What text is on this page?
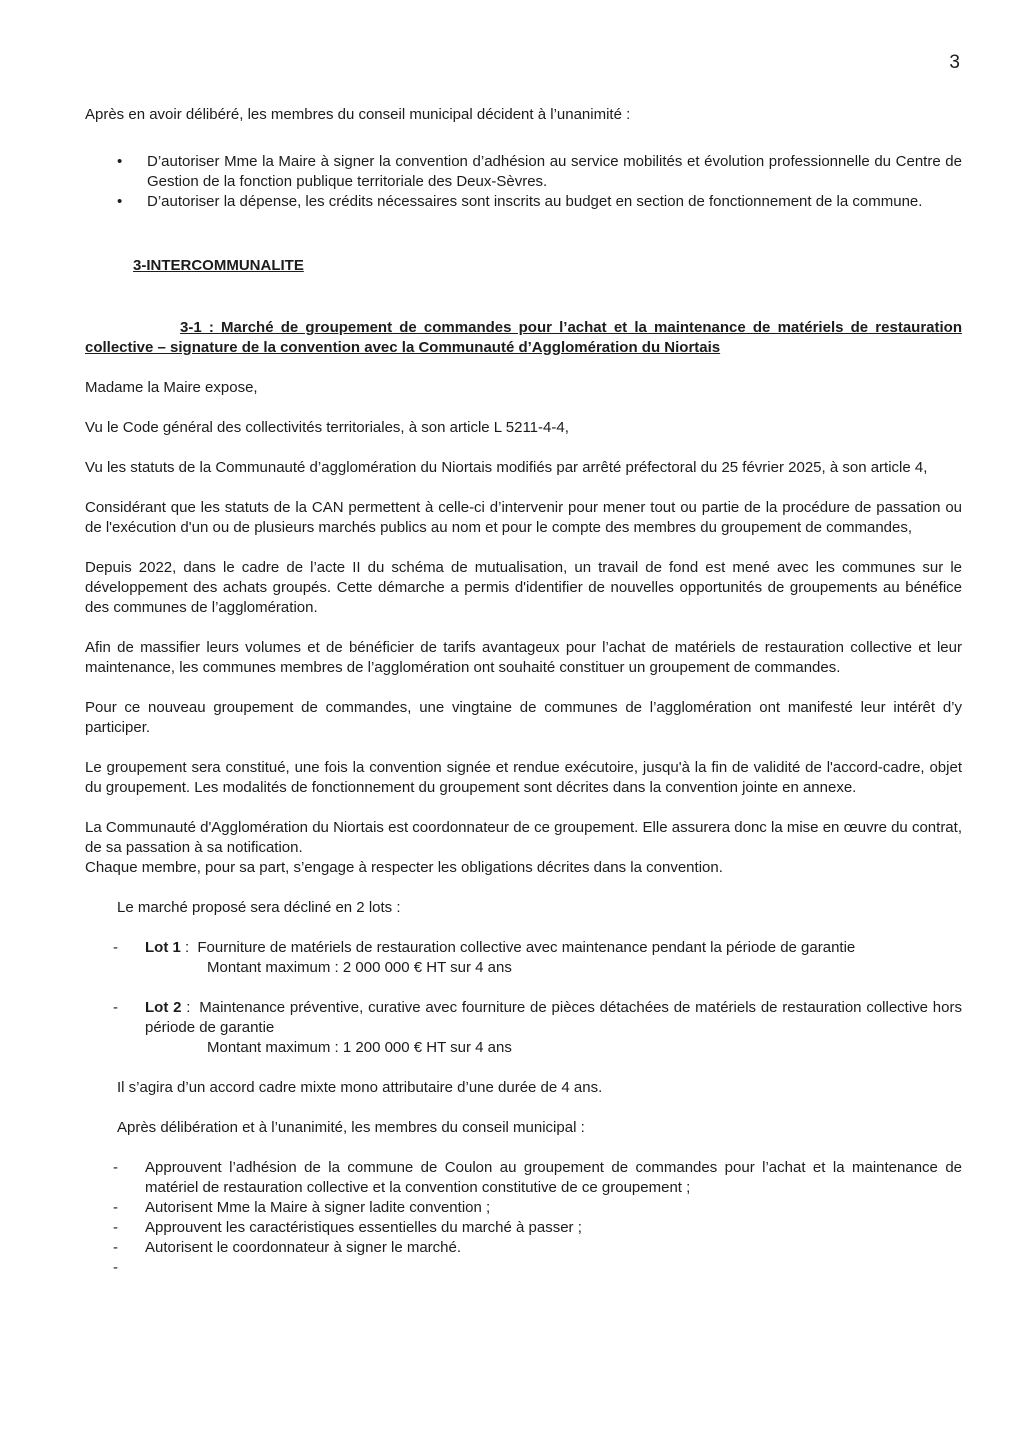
3

Après en avoir délibéré, les membres du conseil municipal décident à l’unanimité :

• D’autoriser Mme la Maire à signer la convention d’adhésion au service mobilités et évolution professionnelle du Centre de Gestion de la fonction publique territoriale des Deux-Sèvres.
• D’autoriser la dépense, les crédits nécessaires sont inscrits au budget en section de fonctionnement de la commune.

3-INTERCOMMUNALITE

3-1 : Marché de groupement de commandes pour l’achat et la maintenance de matériels de restauration collective – signature de la convention avec la Communauté d’Agglomération du Niortais

Madame la Maire expose,

Vu le Code général des collectivités territoriales, à son article L 5211-4-4,

Vu les statuts de la Communauté d’agglomération du Niortais modifiés par arrêté préfectoral du 25 février 2025, à son article 4,

Considérant que les statuts de la CAN permettent à celle-ci d’intervenir pour mener tout ou partie de la procédure de passation ou de l'exécution d'un ou de plusieurs marchés publics au nom et pour le compte des membres du groupement de commandes,

Depuis 2022, dans le cadre de l’acte II du schéma de mutualisation, un travail de fond est mené avec les communes sur le développement des achats groupés. Cette démarche a permis d'identifier de nouvelles opportunités de groupements au bénéfice des communes de l’agglomération.

Afin de massifier leurs volumes et de bénéficier de tarifs avantageux pour l’achat de matériels de restauration collective et leur maintenance, les communes membres de l’agglomération ont souhaité constituer un groupement de commandes.

Pour ce nouveau groupement de commandes, une vingtaine de communes de l’agglomération ont manifesté leur intérêt d’y participer.

Le groupement sera constitué, une fois la convention signée et rendue exécutoire, jusqu'à la fin de validité de l'accord-cadre, objet du groupement. Les modalités de fonctionnement du groupement sont décrites dans la convention jointe en annexe.

La Communauté d'Agglomération du Niortais est coordonnateur de ce groupement. Elle assurera donc la mise en œuvre du contrat, de sa passation à sa notification.

Chaque membre, pour sa part, s’engage à respecter les obligations décrites dans la convention.

Le marché proposé sera décliné en 2 lots :

- Lot 1 : Fourniture de matériels de restauration collective avec maintenance pendant la période de garantie
Montant maximum : 2 000 000 € HT sur 4 ans
- Lot 2 : Maintenance préventive, curative avec fourniture de pièces détachées de matériels de restauration collective hors période de garantie
Montant maximum : 1 200 000 € HT sur 4 ans

Il s’agira d’un accord cadre mixte mono attributaire d’une durée de 4 ans.

Après délibération et à l’unanimité, les membres du conseil municipal :

- Approuvent l’adhésion de la commune de Coulon au groupement de commandes pour l’achat et la maintenance de matériel de restauration collective et la convention constitutive de ce groupement ;
- Autorisent Mme la Maire à signer ladite convention ;
- Approuvent les caractéristiques essentielles du marché à passer ;
- Autorisent le coordonnateur à signer le marché.
-
